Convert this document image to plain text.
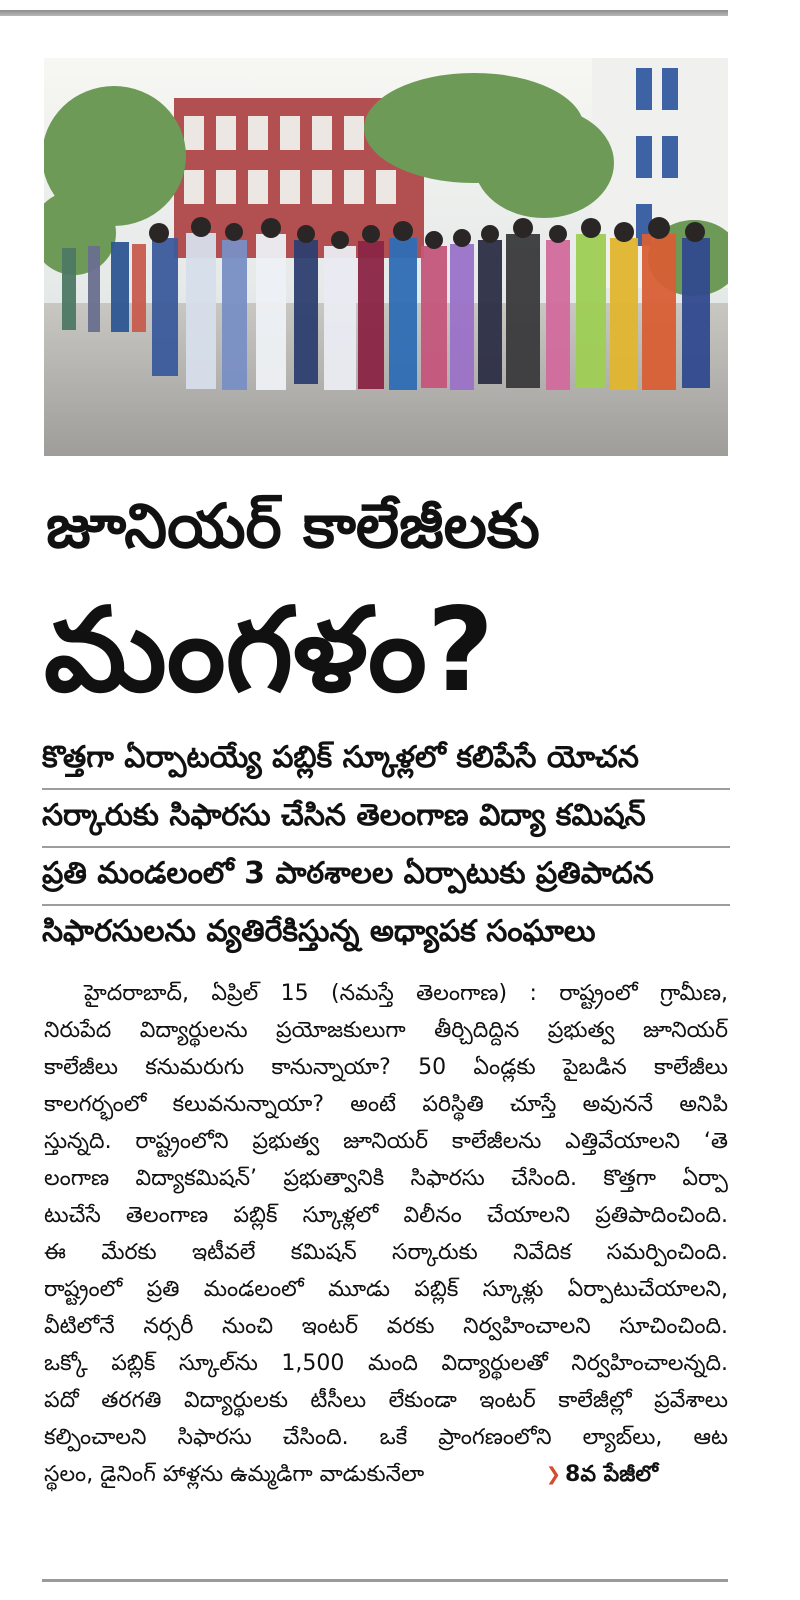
జూనియర్ కాలేజీలకు
మంగళం?
కొత్తగా ఏర్పాటయ్యే పబ్లిక్ స్కూళ్లలో కలిపేసే యోచన
సర్కారుకు సిఫారసు చేసిన తెలంగాణ విద్యా కమిషన్
ప్రతి మండలంలో 3 పాఠశాలల ఏర్పాటుకు ప్రతిపాదన
సిఫారసులను వ్యతిరేకిస్తున్న అధ్యాపక సంఘాలు
హైదరాబాద్, ఏప్రిల్ 15 (నమస్తే తెలంగాణ) : రాష్ట్రంలో గ్రామీణ,
నిరుపేద విద్యార్థులను ప్రయోజకులుగా తీర్చిదిద్దిన ప్రభుత్వ జూనియర్
కాలేజీలు కనుమరుగు కానున్నాయా? 50 ఏండ్లకు పైబడిన కాలేజీలు
కాలగర్భంలో కలువనున్నాయా? అంటే పరిస్థితి చూస్తే అవుననే అనిపి
స్తున్నది. రాష్ట్రంలోని ప్రభుత్వ జూనియర్ కాలేజీలను ఎత్తివేయాలని ‘తె
లంగాణ విద్యాకమిషన్’ ప్రభుత్వానికి సిఫారసు చేసింది. కొత్తగా ఏర్పా
టుచేసే తెలంగాణ పబ్లిక్ స్కూళ్లలో విలీనం చేయాలని ప్రతిపాదించింది.
ఈ మేరకు ఇటీవలే కమిషన్ సర్కారుకు నివేదిక సమర్పించింది.
రాష్ట్రంలో ప్రతి మండలంలో మూడు పబ్లిక్ స్కూళ్లు ఏర్పాటుచేయాలని,
వీటిలోనే నర్సరీ నుంచి ఇంటర్ వరకు నిర్వహించాలని సూచించింది.
ఒక్కో పబ్లిక్ స్కూల్‌ను 1,500 మంది విద్యార్థులతో నిర్వహించాలన్నది.
పదో తరగతి విద్యార్థులకు టీసీలు లేకుండా ఇంటర్ కాలేజీల్లో ప్రవేశాలు
కల్పించాలని సిఫారసు చేసింది. ఒకే ప్రాంగణంలోని ల్యాబ్‌లు, ఆట
స్థలం, డైనింగ్ హాళ్లను ఉమ్మడిగా వాడుకునేలా	❯ 8వ పేజీలో
